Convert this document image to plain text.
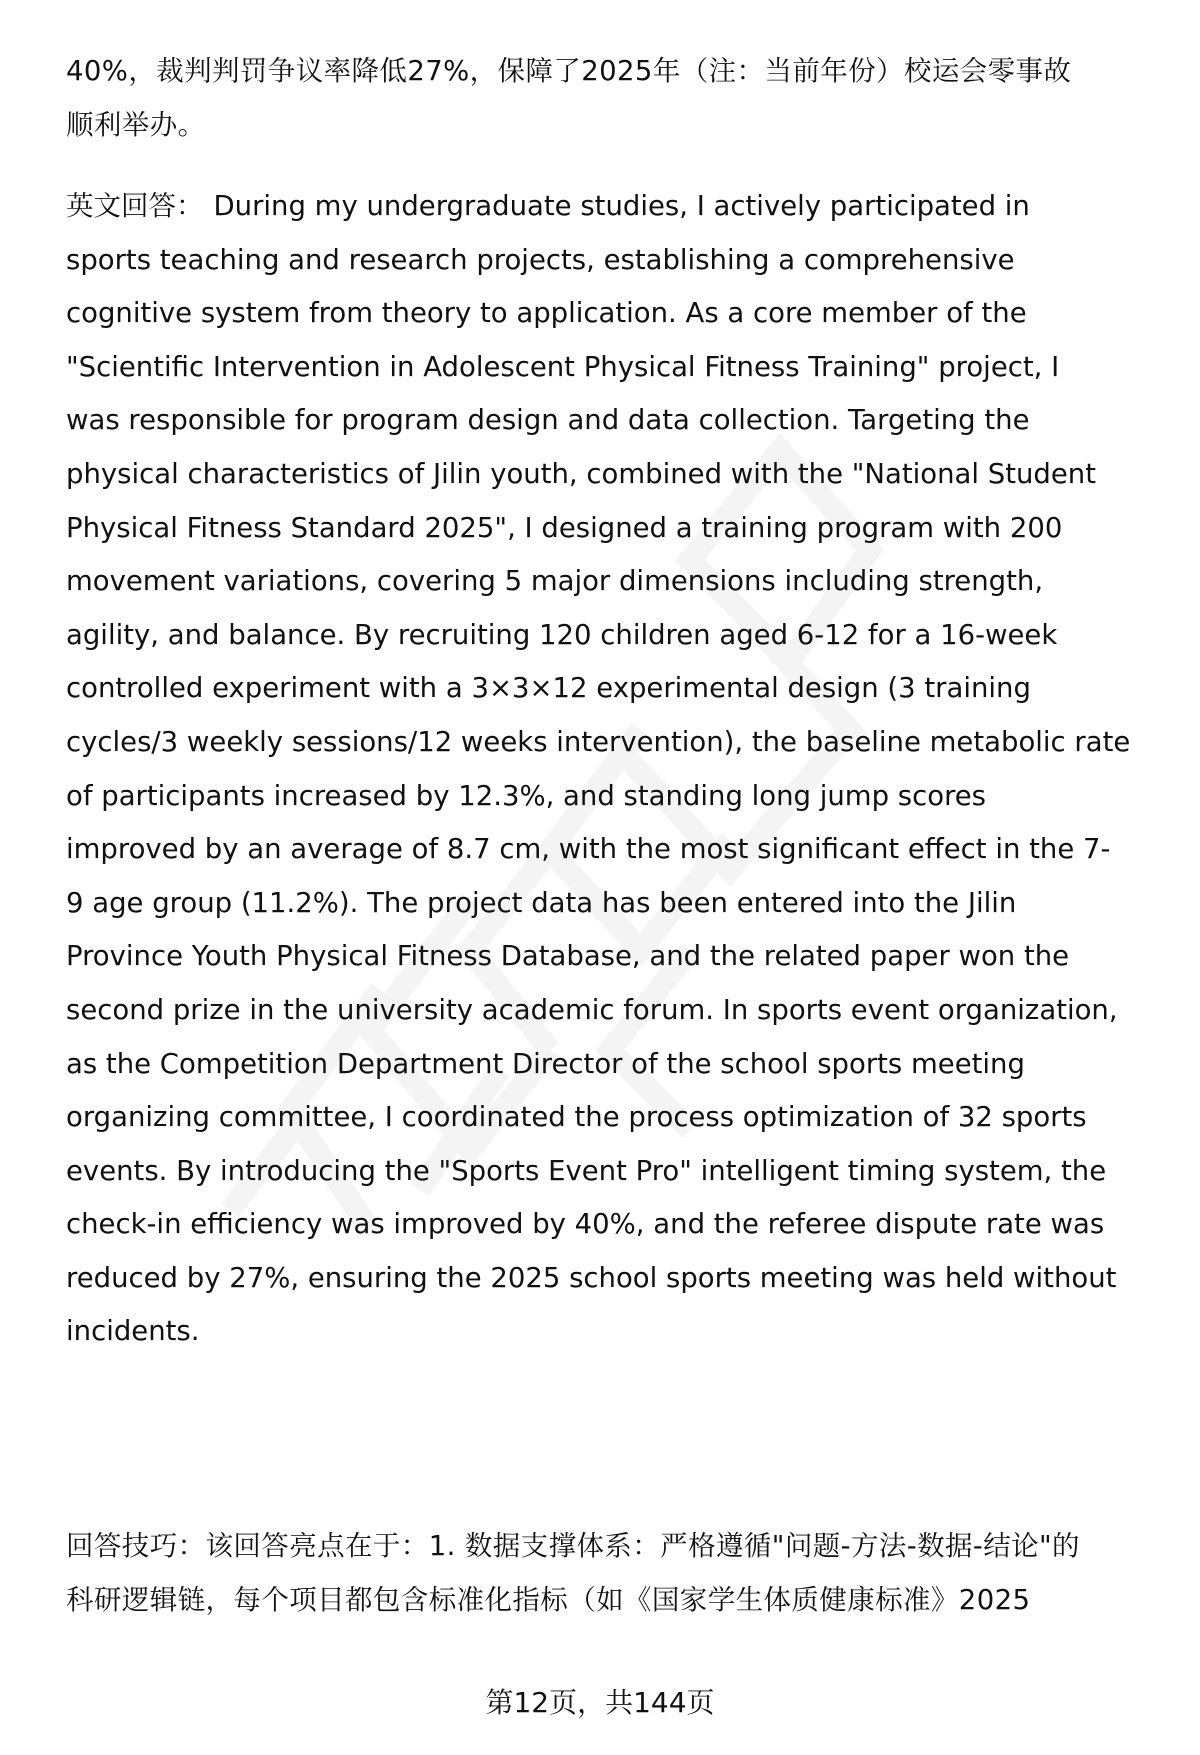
40%，裁判判罚争议率降低27%，保障了2025年（注：当前年份）校运会零事故
顺利举办。
英文回答： During my undergraduate studies, I actively participated in
sports teaching and research projects, establishing a comprehensive
cognitive system from theory to application. As a core member of the
"Scientific Intervention in Adolescent Physical Fitness Training" project, I
was responsible for program design and data collection. Targeting the
physical characteristics of Jilin youth, combined with the "National Student
Physical Fitness Standard 2025", I designed a training program with 200
movement variations, covering 5 major dimensions including strength,
agility, and balance. By recruiting 120 children aged 6-12 for a 16-week
controlled experiment with a 3×3×12 experimental design (3 training
cycles/3 weekly sessions/12 weeks intervention), the baseline metabolic rate
of participants increased by 12.3%, and standing long jump scores
improved by an average of 8.7 cm, with the most significant effect in the 7-
9 age group (11.2%). The project data has been entered into the Jilin
Province Youth Physical Fitness Database, and the related paper won the
second prize in the university academic forum. In sports event organization,
as the Competition Department Director of the school sports meeting
organizing committee, I coordinated the process optimization of 32 sports
events. By introducing the "Sports Event Pro" intelligent timing system, the
check-in efficiency was improved by 40%, and the referee dispute rate was
reduced by 27%, ensuring the 2025 school sports meeting was held without
incidents.
回答技巧：该回答亮点在于：1. 数据支撑体系：严格遵循"问题-方法-数据-结论"的
科研逻辑链，每个项目都包含标准化指标（如《国家学生体质健康标准》2025
第12页，共144页
